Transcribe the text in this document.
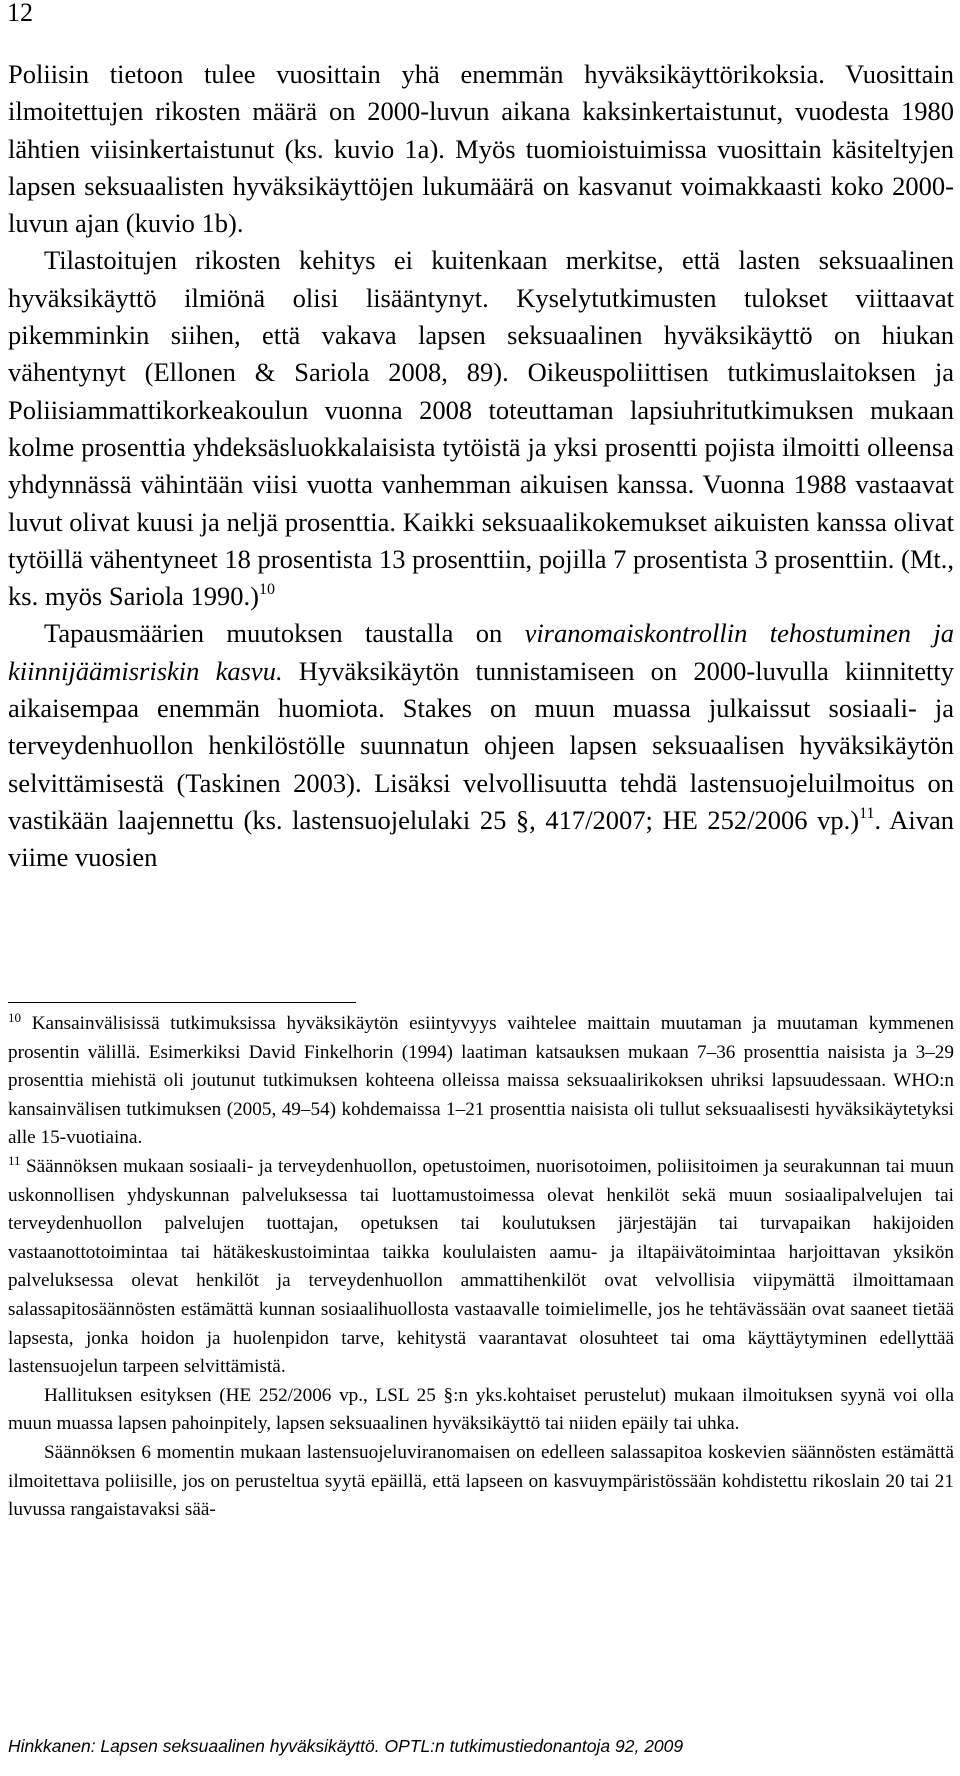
12

Poliisin tietoon tulee vuosittain yhä enemmän hyväksikäyttörikoksia. Vuosittain ilmoitettujen rikosten määrä on 2000-luvun aikana kaksinkertaistunut, vuodesta 1980 lähtien viisinkertaistunut (ks. kuvio 1a). Myös tuomioistuimissa vuosittain käsiteltyjen lapsen seksuaalisten hyväksikäyttöjen lukumäärä on kasvanut voimakkaasti koko 2000-luvun ajan (kuvio 1b).

Tilastoitujen rikosten kehitys ei kuitenkaan merkitse, että lasten seksuaalinen hyväksikäyttö ilmiönä olisi lisääntynyt. Kyselytutkimusten tulokset viittaavat pikemminkin siihen, että vakava lapsen seksuaalinen hyväksikäyttö on hiukan vähentynyt (Ellonen & Sariola 2008, 89). Oikeuspoliittisen tutkimuslaitoksen ja Poliisiammattikorkeakoulun vuonna 2008 toteuttaman lapsiuhritutkimuksen mukaan kolme prosenttia yhdeksäsluokkalaisista tytöistä ja yksi prosentti pojista ilmoitti olleensa yhdynnässä vähintään viisi vuotta vanhemman aikuisen kanssa. Vuonna 1988 vastaavat luvut olivat kuusi ja neljä prosenttia. Kaikki seksuaalikokemukset aikuisten kanssa olivat tytöillä vähentyneet 18 prosentista 13 prosenttiin, pojilla 7 prosentista 3 prosenttiin. (Mt., ks. myös Sariola 1990.)$^{10}$

Tapausmäärien muutoksen taustalla on viranomaiskontrollin tehostuminen ja kiinnijäämisriskin kasvu. Hyväksikäytön tunnistamiseen on 2000-luvulla kiinnitetty aikaisempaa enemmän huomiota. Stakes on muun muassa julkaissut sosiaali- ja terveydenhuollon henkilöstölle suunnatun ohjeen lapsen seksuaalisen hyväksikäytön selvittämisestä (Taskinen 2003). Lisäksi velvollisuutta tehdä lastensuojeluilmoitus on vastikään laajennettu (ks. lastensuojelulaki 25 §, 417/2007; HE 252/2006 vp.)$^{11}$. Aivan viime vuosien

$^{10}$ Kansainvälisissä tutkimuksissa hyväksikäytön esiintyvyys vaihtelee maittain muutaman ja muutaman kymmenen prosentin välillä. Esimerkiksi David Finkelhorin (1994) laatiman katsauksen mukaan 7–36 prosenttia naisista ja 3–29 prosenttia miehistä oli joutunut tutkimuksen kohteena olleissa maissa seksuaalirikoksen uhriksi lapsuudessaan. WHO:n kansainvälisen tutkimuksen (2005, 49–54) kohdemaissa 1–21 prosenttia naisista oli tullut seksuaalisesti hyväksikäytetyksi alle 15-vuotiaina.

$^{11}$ Säännöksen mukaan sosiaali- ja terveydenhuollon, opetustoimen, nuorisotoimen, poliisitoimen ja seurakunnan tai muun uskonnollisen yhdyskunnan palveluksessa tai luottamustoimessa olevat henkilöt sekä muun sosiaalipalvelujen tai terveydenhuollon palvelujen tuottajan, opetuksen tai koulutuksen järjestäjän tai turvapaikan hakijoiden vastaanottotoimintaa tai hätäkeskustoimintaa taikka koululaisten aamu- ja iltapäivätoimintaa harjoittavan yksikön palveluksessa olevat henkilöt ja terveydenhuollon ammattihenkilöt ovat velvollisia viipymättä ilmoittamaan salassapitosäännösten estämättä kunnan sosiaalihuollosta vastaavalle toimielimelle, jos he tehtävässään ovat saaneet tietää lapsesta, jonka hoidon ja huolenpidon tarve, kehitystä vaarantavat olosuhteet tai oma käyttäytyminen edellyttää lastensuojelun tarpeen selvittämistä.

Hallituksen esityksen (HE 252/2006 vp., LSL 25 §:n yks.kohtaiset perustelut) mukaan ilmoituksen syynä voi olla muun muassa lapsen pahoinpitely, lapsen seksuaalinen hyväksikäyttö tai niiden epäily tai uhka.

Säännöksen 6 momentin mukaan lastensuojeluviranomaisen on edelleen salassapitoa koskevien säännösten estämättä ilmoitettava poliisille, jos on perusteltua syytä epäillä, että lapseen on kasvuympäristössään kohdistettu rikoslain 20 tai 21 luvussa rangaistavaksi sää-

Hinkkanen: Lapsen seksuaalinen hyväksikäyttö. OPTL:n tutkimustiedonantoja 92, 2009
